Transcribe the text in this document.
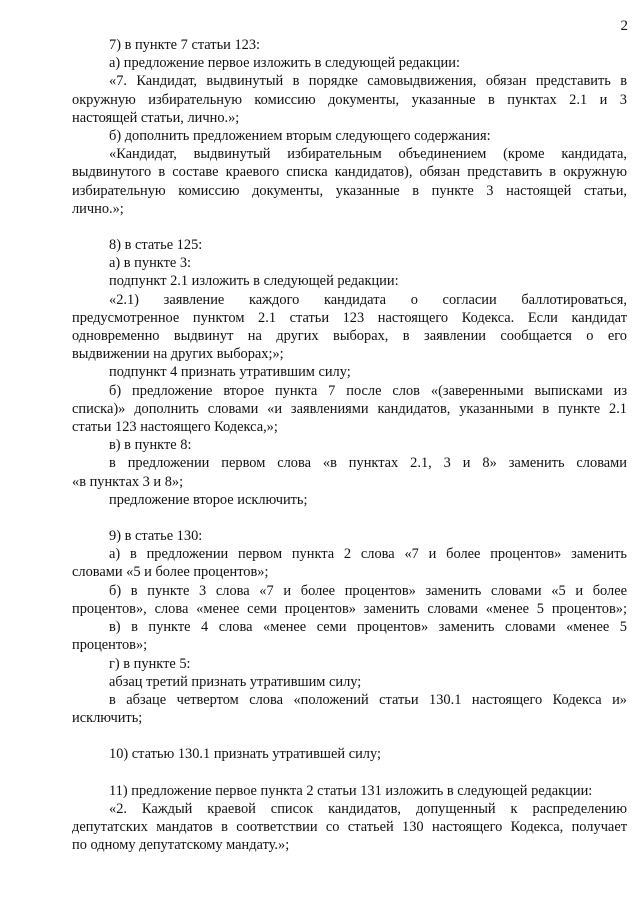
2
7) в пункте 7 статьи 123:
а) предложение первое изложить в следующей редакции:
«7. Кандидат, выдвинутый в порядке самовыдвижения, обязан представить в
окружную избирательную комиссию документы, указанные в пунктах 2.1 и 3
настоящей статьи, лично.»;
б) дополнить предложением вторым следующего содержания:
«Кандидат, выдвинутый избирательным объединением (кроме кандидата,
выдвинутого в составе краевого списка кандидатов), обязан представить в окружную
избирательную комиссию документы, указанные в пункте 3 настоящей статьи,
лично.»;
8) в статье 125:
а) в пункте 3:
подпункт 2.1 изложить в следующей редакции:
«2.1) заявление каждого кандидата о согласии баллотироваться,
предусмотренное пунктом 2.1 статьи 123 настоящего Кодекса. Если кандидат
одновременно выдвинут на других выборах, в заявлении сообщается о его
выдвижении на других выборах;»;
подпункт 4 признать утратившим силу;
б) предложение второе пункта 7 после слов «(заверенными выписками из
списка)» дополнить словами «и заявлениями кандидатов, указанными в пункте 2.1
статьи 123 настоящего Кодекса,»;
в) в пункте 8:
в предложении первом слова «в пунктах 2.1, 3 и 8» заменить словами
«в пунктах 3 и 8»;
предложение второе исключить;
9) в статье 130:
а) в предложении первом пункта 2 слова «7 и более процентов» заменить
словами «5 и более процентов»;
б) в пункте 3 слова «7 и более процентов» заменить словами «5 и более
процентов», слова «менее семи процентов» заменить словами «менее 5 процентов»;
в) в пункте 4 слова «менее семи процентов» заменить словами «менее 5
процентов»;
г) в пункте 5:
абзац третий признать утратившим силу;
в абзаце четвертом слова «положений статьи 130.1 настоящего Кодекса и»
исключить;
10) статью 130.1 признать утратившей силу;
11) предложение первое пункта 2 статьи 131 изложить в следующей редакции:
«2. Каждый краевой список кандидатов, допущенный к распределению
депутатских мандатов в соответствии со статьей 130 настоящего Кодекса, получает
по одному депутатскому мандату.»;
